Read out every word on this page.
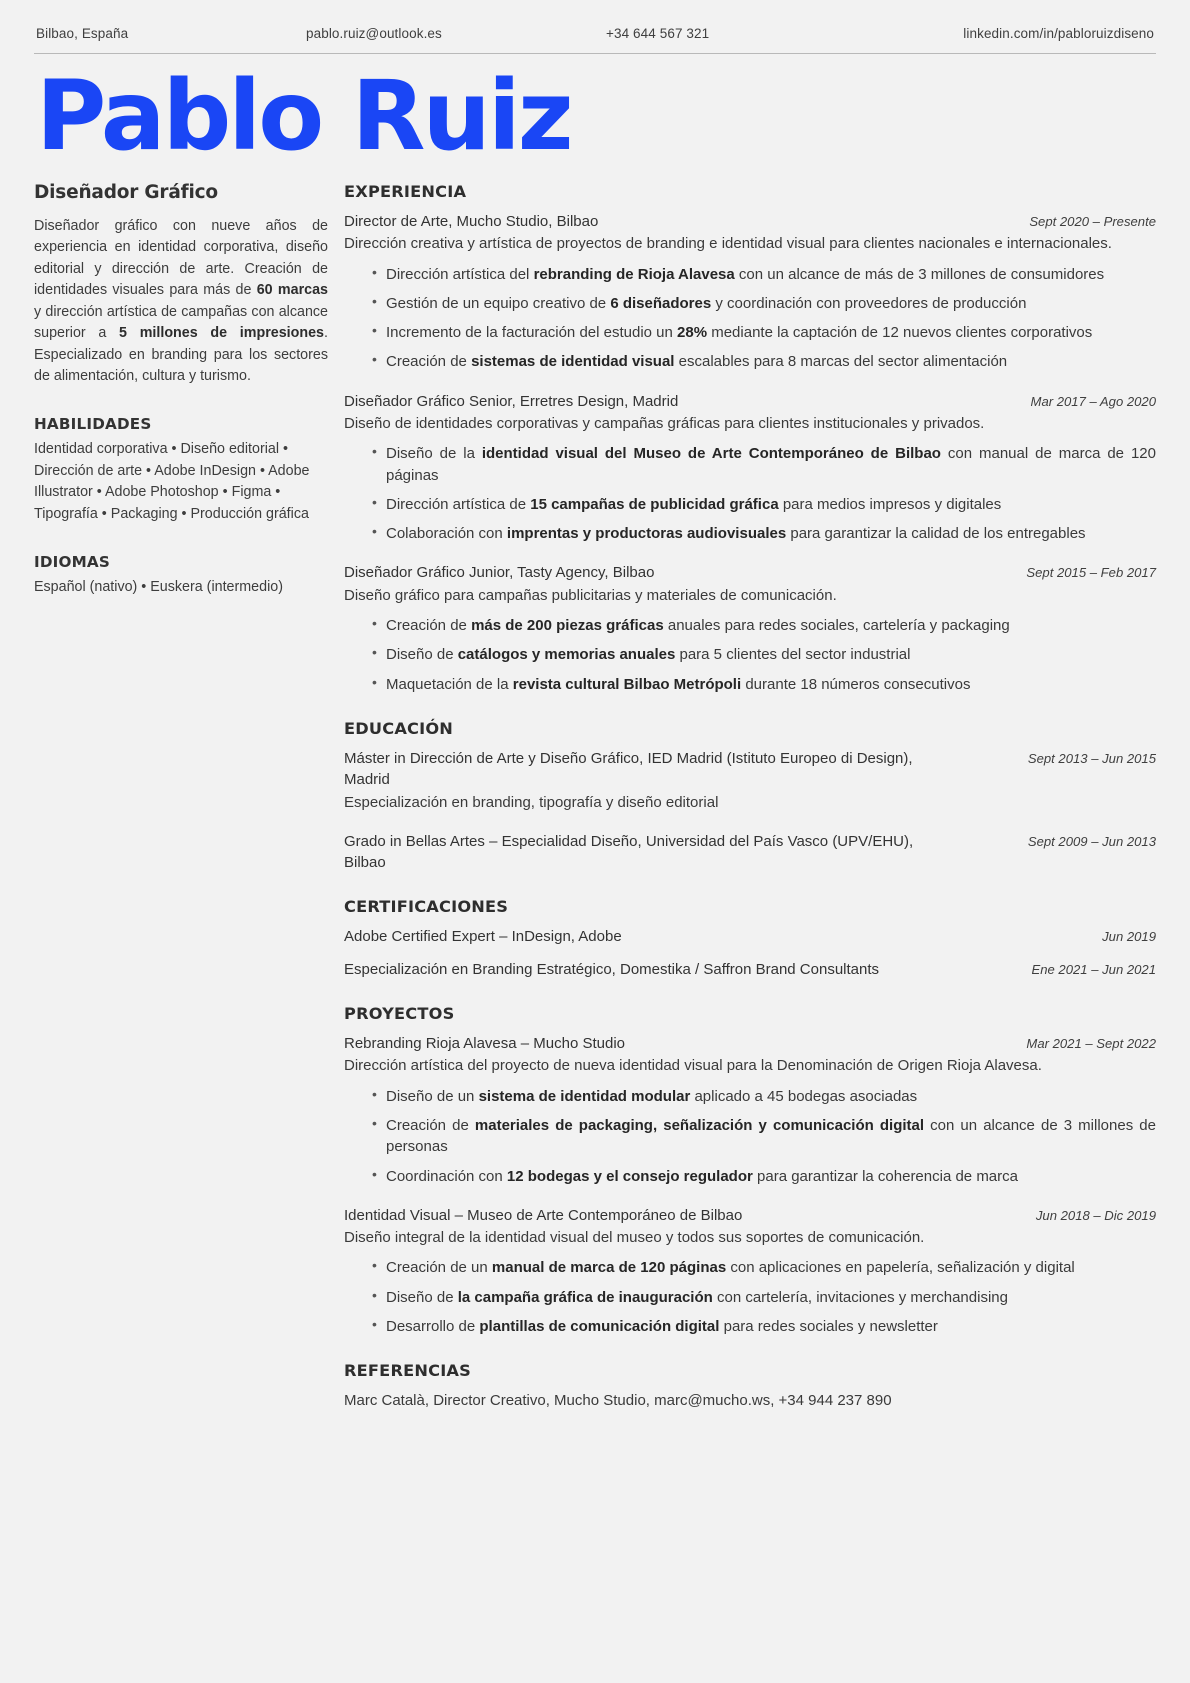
Bilbao, España	pablo.ruiz@outlook.es	+34 644 567 321	linkedin.com/in/pabloruizdiseno
Pablo Ruiz
Diseñador Gráfico

Diseñador gráfico con nueve años de experiencia en identidad corporativa, diseño editorial y dirección de arte. Creación de identidades visuales para más de 60 marcas y dirección artística de campañas con alcance superior a 5 millones de impresiones. Especializado en branding para los sectores de alimentación, cultura y turismo.

HABILIDADES

Identidad corporativa • Diseño editorial • Dirección de arte • Adobe InDesign • Adobe Illustrator • Adobe Photoshop • Figma • Tipografía • Packaging • Producción gráfica

IDIOMAS

Español (nativo) • Euskera (intermedio)

EXPERIENCIA
Director de Arte, Mucho Studio, Bilbao	Sept 2020 – Presente
Dirección creativa y artística de proyectos de branding e identidad visual para clientes nacionales e internacionales.
• Dirección artística del rebranding de Rioja Alavesa con un alcance de más de 3 millones de consumidores
• Gestión de un equipo creativo de 6 diseñadores y coordinación con proveedores de producción
• Incremento de la facturación del estudio un 28% mediante la captación de 12 nuevos clientes corporativos
• Creación de sistemas de identidad visual escalables para 8 marcas del sector alimentación
Diseñador Gráfico Senior, Erretres Design, Madrid	Mar 2017 – Ago 2020
Diseño de identidades corporativas y campañas gráficas para clientes institucionales y privados.
• Diseño de la identidad visual del Museo de Arte Contemporáneo de Bilbao con manual de marca de 120 páginas
• Dirección artística de 15 campañas de publicidad gráfica para medios impresos y digitales
• Colaboración con imprentas y productoras audiovisuales para garantizar la calidad de los entregables
Diseñador Gráfico Junior, Tasty Agency, Bilbao	Sept 2015 – Feb 2017
Diseño gráfico para campañas publicitarias y materiales de comunicación.
• Creación de más de 200 piezas gráficas anuales para redes sociales, cartelería y packaging
• Diseño de catálogos y memorias anuales para 5 clientes del sector industrial
• Maquetación de la revista cultural Bilbao Metrópoli durante 18 números consecutivos
EDUCACIÓN
Máster in Dirección de Arte y Diseño Gráfico, IED Madrid (Istituto Europeo di Design), Madrid
Sept 2013 – Jun 2015
Especialización en branding, tipografía y diseño editorial
Grado in Bellas Artes – Especialidad Diseño, Universidad del País Vasco (UPV/EHU), Bilbao
Sept 2009 – Jun 2013
CERTIFICACIONES
Adobe Certified Expert – InDesign, Adobe	Jun 2019
Especialización en Branding Estratégico, Domestika / Saffron Brand Consultants	Ene 2021 – Jun 2021
PROYECTOS
Rebranding Rioja Alavesa – Mucho Studio	Mar 2021 – Sept 2022
Dirección artística del proyecto de nueva identidad visual para la Denominación de Origen Rioja Alavesa.
• Diseño de un sistema de identidad modular aplicado a 45 bodegas asociadas
• Creación de materiales de packaging, señalización y comunicación digital con un alcance de 3 millones de personas
• Coordinación con 12 bodegas y el consejo regulador para garantizar la coherencia de marca
Identidad Visual – Museo de Arte Contemporáneo de Bilbao	Jun 2018 – Dic 2019
Diseño integral de la identidad visual del museo y todos sus soportes de comunicación.
• Creación de un manual de marca de 120 páginas con aplicaciones en papelería, señalización y digital
• Diseño de la campaña gráfica de inauguración con cartelería, invitaciones y merchandising
• Desarrollo de plantillas de comunicación digital para redes sociales y newsletter
REFERENCIAS
Marc Català, Director Creativo, Mucho Studio, marc@mucho.ws, +34 944 237 890
